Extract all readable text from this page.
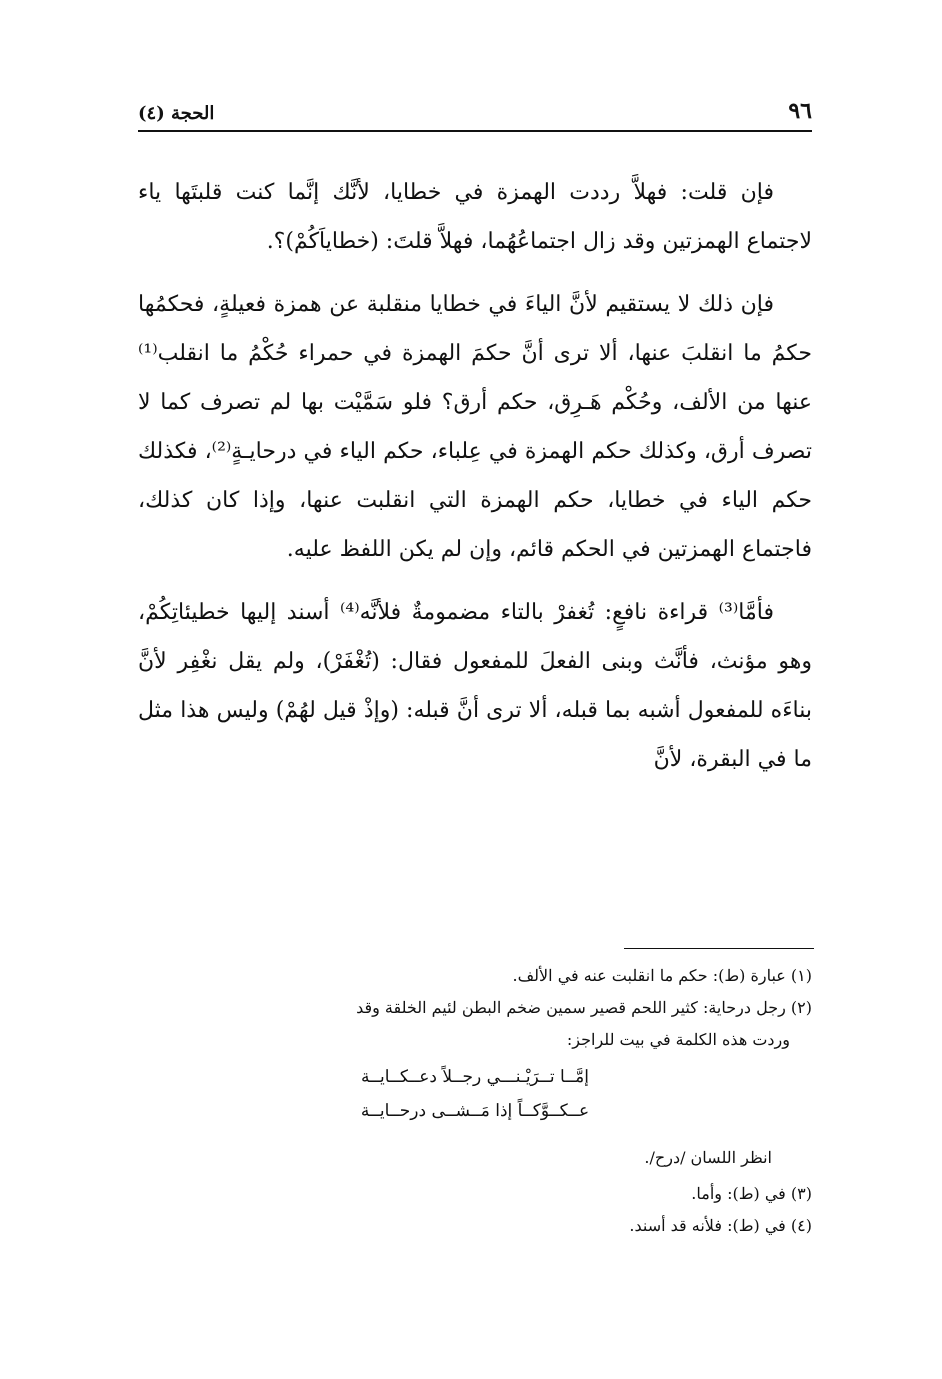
٩٦
الحجة (٤)

فإن قلت: فهلاَّ رددت الهمزة في خطايا، لأنَّك إنَّما كنت قلبتَها ياء لاجتماع الهمزتين وقد زال اجتماعُهُما، فهلاَّ قلتَ: (خطاياَكُمْ)؟.

فإن ذلك لا يستقيم لأنَّ الياءَ في خطايا منقلبة عن همزة فعيلةٍ، فحكمُها حكمُ ما انقلبَ عنها، ألا ترى أنَّ حكمَ الهمزة في حمراء حُكْمُ ما انقلب⁽¹⁾ عنها من الألف، وحُكْم هَـرِق، حكم أرق؟ فلو سَمَّيْت بها لم تصرف كما لا تصرف أرق، وكذلك حكم الهمزة في عِلباء، حكم الياء في درحايـةٍ⁽²⁾، فكذلك حكم الياء في خطايا، حكم الهمزة التي انقلبت عنها، وإذا كان كذلك، فاجتماع الهمزتين في الحكم قائم، وإن لم يكن اللفظ عليه.

فأمَّا⁽³⁾ قراءة نافعٍ: تُغفرْ بالتاء مضمومةٌ فلأنَّه⁽⁴⁾ أسند إليها خطيئاتِكُمْ، وهو مؤنث، فأنَّث وبنى الفعلَ للمفعول فقال: (تُغْفَرْ)، ولم يقل نغْفِر لأنَّ بناءَه للمفعول أشبه بما قبله، ألا ترى أنَّ قبله: (وإذْ قيل لهُمْ) وليس هذا مثل ما في البقرة، لأنَّ

(١) عبارة (ط): حكم ما انقلبت عنه في الألف.

(٢) رجل درحاية: كثير اللحم قصير سمين ضخم البطن لئيم الخلقة وقد

وردت هذه الكلمة في بيت للراجز:

إمَّــا تــرَيْـنـــي رجــلاً دعــكــايــة

عــكــوَّكــاً إذا مَــشــى درحــايــة

انظر اللسان /درح/.

(٣) في (ط): وأما.

(٤) في (ط): فلأنه قد أسند.
